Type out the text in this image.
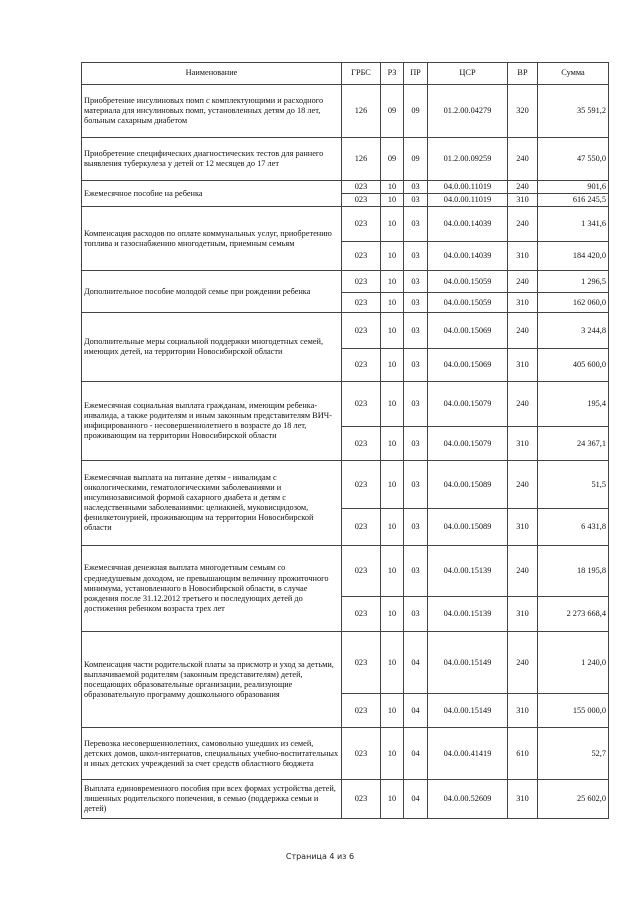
Наименование	ГРБС	РЗ	ПР	ЦСР	ВР	Сумма
Приобретение инсулиновых помп с комплектующими и расходного материала для инсулиновых помп, установленных детям до 18 лет, больным сахарным диабетом	126	09	09	01.2.00.04279	320	35 591,2
Приобретение специфических диагностических тестов для раннего выявления туберкулеза у детей от 12 месяцев до 17 лет	126	09	09	01.2.00.09259	240	47 550,0
Ежемесячное пособие на ребенка	023	10	03	04.0.00.11019	240	901,6
	023	10	03	04.0.00.11019	310	616 245,5
Компенсация расходов по оплате коммунальных услуг, приобретению топлива и газоснабжению многодетным, приемным семьям	023	10	03	04.0.00.14039	240	1 341,6
	023	10	03	04.0.00.14039	310	184 420,0
Дополнительное пособие молодой семье при рождении ребенка	023	10	03	04.0.00.15059	240	1 296,5
	023	10	03	04.0.00.15059	310	162 060,0
Дополнительные меры социальной поддержки многодетных семей, имеющих детей, на территории Новосибирской области	023	10	03	04.0.00.15069	240	3 244,8
	023	10	03	04.0.00.15069	310	405 600,0
Ежемесячная социальная выплата гражданам, имеющим ребенка-инвалида, а также родителям и иным законным представителям ВИЧ-инфицированного - несовершеннолетнего в возрасте до 18 лет, проживающим на территории Новосибирской области	023	10	03	04.0.00.15079	240	195,4
	023	10	03	04.0.00.15079	310	24 367,1
Ежемесячная выплата на питание детям - инвалидам с онкологическими, гематологическими заболеваниями и инсулинозависимой формой сахарного диабета и детям с наследственными заболеваниями: целиакией, муковисцидозом, фенилкетонурией, проживающим на территории Новосибирской области	023	10	03	04.0.00.15089	240	51,5
	023	10	03	04.0.00.15089	310	6 431,8
Ежемесячная денежная выплата многодетным семьям со среднедушевым доходом, не превышающим величину прожиточного минимума, установленного в Новосибирской области, в случае рождения после 31.12.2012 третьего и последующих детей до достижения ребенком возраста трех лет	023	10	03	04.0.00.15139	240	18 195,8
	023	10	03	04.0.00.15139	310	2 273 668,4
Компенсация части родительской платы за присмотр и уход за детьми, выплачиваемой родителям (законным представителям) детей, посещающих образовательные организации, реализующие образовательную программу дошкольного образования	023	10	04	04.0.00.15149	240	1 240,0
	023	10	04	04.0.00.15149	310	155 000,0
Перевозка несовершеннолетних, самовольно ушедших из семей, детских домов, школ-интернатов, специальных учебно-воспитательных и иных детских учреждений за счет средств областного бюджета	023	10	04	04.0.00.41419	610	52,7
Выплата единовременного пособия при всех формах устройства детей, лишенных родительского попечения, в семью (поддержка семьи и детей)	023	10	04	04.0.00.52609	310	25 602,0
Страница 4 из 6
